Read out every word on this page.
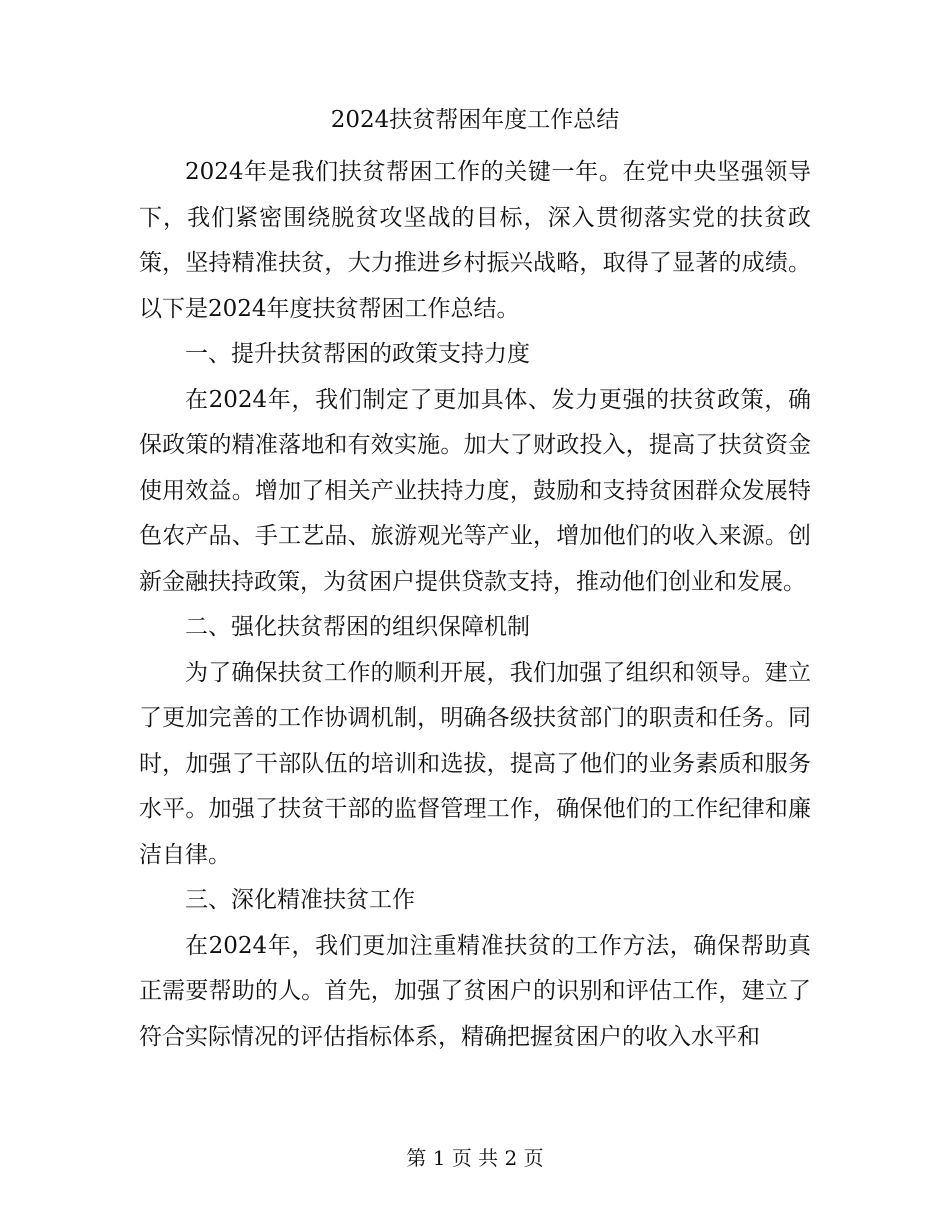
2024扶贫帮困年度工作总结

2024年是我们扶贫帮困工作的关键一年。在党中央坚强领导下，我们紧密围绕脱贫攻坚战的目标，深入贯彻落实党的扶贫政策，坚持精准扶贫，大力推进乡村振兴战略，取得了显著的成绩。以下是2024年度扶贫帮困工作总结。

一、提升扶贫帮困的政策支持力度

在2024年，我们制定了更加具体、发力更强的扶贫政策，确保政策的精准落地和有效实施。加大了财政投入，提高了扶贫资金使用效益。增加了相关产业扶持力度，鼓励和支持贫困群众发展特色农产品、手工艺品、旅游观光等产业，增加他们的收入来源。创新金融扶持政策，为贫困户提供贷款支持，推动他们创业和发展。

二、强化扶贫帮困的组织保障机制

为了确保扶贫工作的顺利开展，我们加强了组织和领导。建立了更加完善的工作协调机制，明确各级扶贫部门的职责和任务。同时，加强了干部队伍的培训和选拔，提高了他们的业务素质和服务水平。加强了扶贫干部的监督管理工作，确保他们的工作纪律和廉洁自律。

三、深化精准扶贫工作

在2024年，我们更加注重精准扶贫的工作方法，确保帮助真正需要帮助的人。首先，加强了贫困户的识别和评估工作，建立了符合实际情况的评估指标体系，精确把握贫困户的收入水平和

第 1 页 共 2 页
